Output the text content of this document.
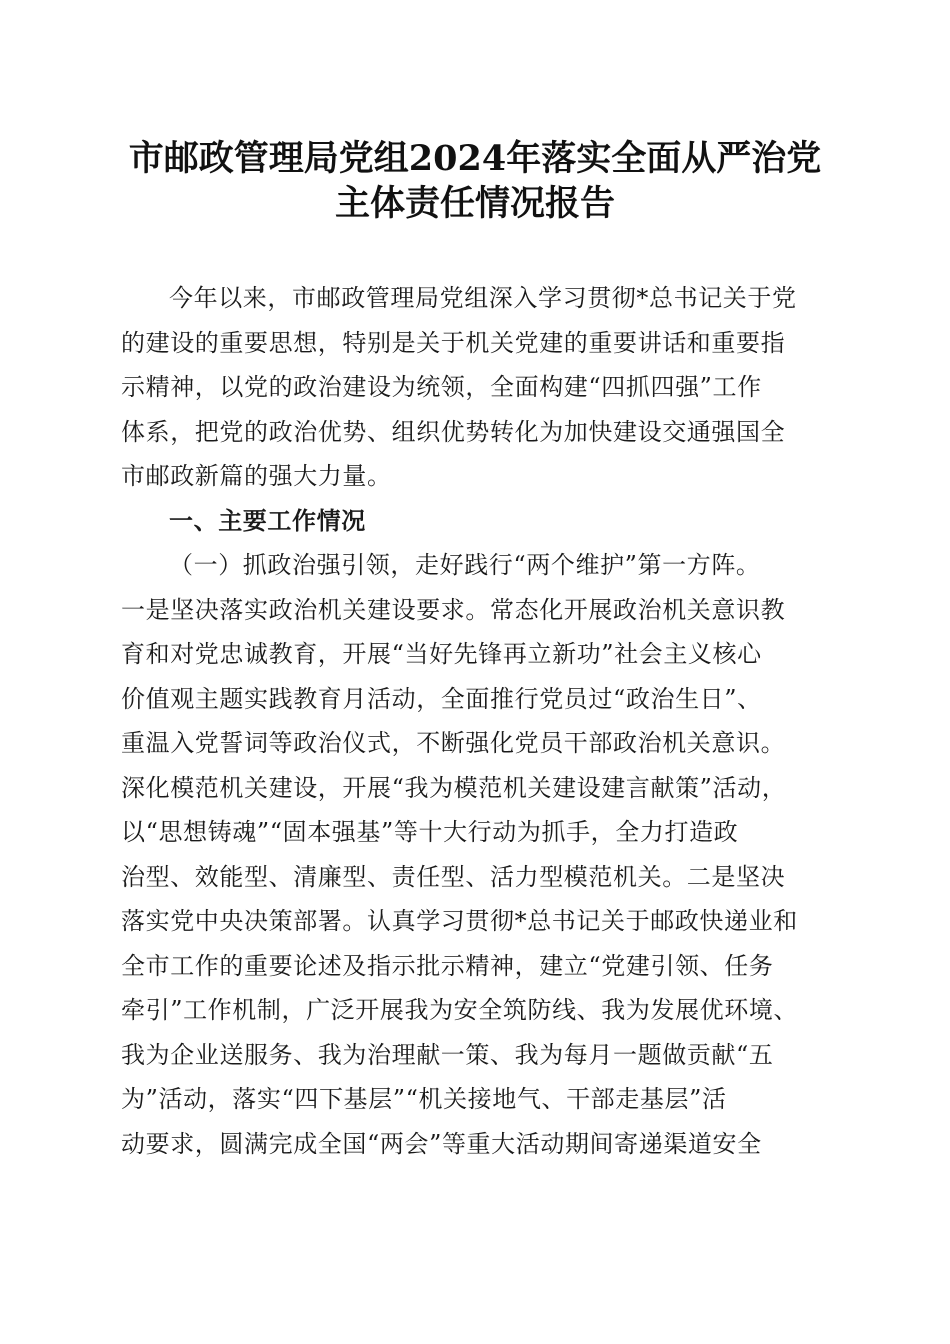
市邮政管理局党组2024年落实全面从严治党
主体责任情况报告
今年以来，市邮政管理局党组深入学习贯彻*总书记关于党
的建设的重要思想，特别是关于机关党建的重要讲话和重要指
示精神，以党的政治建设为统领，全面构建“四抓四强”工作
体系，把党的政治优势、组织优势转化为加快建设交通强国全
市邮政新篇的强大力量。
一、主要工作情况
（一）抓政治强引领，走好践行“两个维护”第一方阵。
一是坚决落实政治机关建设要求。常态化开展政治机关意识教
育和对党忠诚教育，开展“当好先锋再立新功”社会主义核心
价值观主题实践教育月活动，全面推行党员过“政治生日”、
重温入党誓词等政治仪式，不断强化党员干部政治机关意识。
深化模范机关建设，开展“我为模范机关建设建言献策”活动，
以“思想铸魂”“固本强基”等十大行动为抓手，全力打造政
治型、效能型、清廉型、责任型、活力型模范机关。二是坚决
落实党中央决策部署。认真学习贯彻*总书记关于邮政快递业和
全市工作的重要论述及指示批示精神，建立“党建引领、任务
牵引”工作机制，广泛开展我为安全筑防线、我为发展优环境、
我为企业送服务、我为治理献一策、我为每月一题做贡献“五
为”活动，落实“四下基层”“机关接地气、干部走基层”活
动要求，圆满完成全国“两会”等重大活动期间寄递渠道安全
